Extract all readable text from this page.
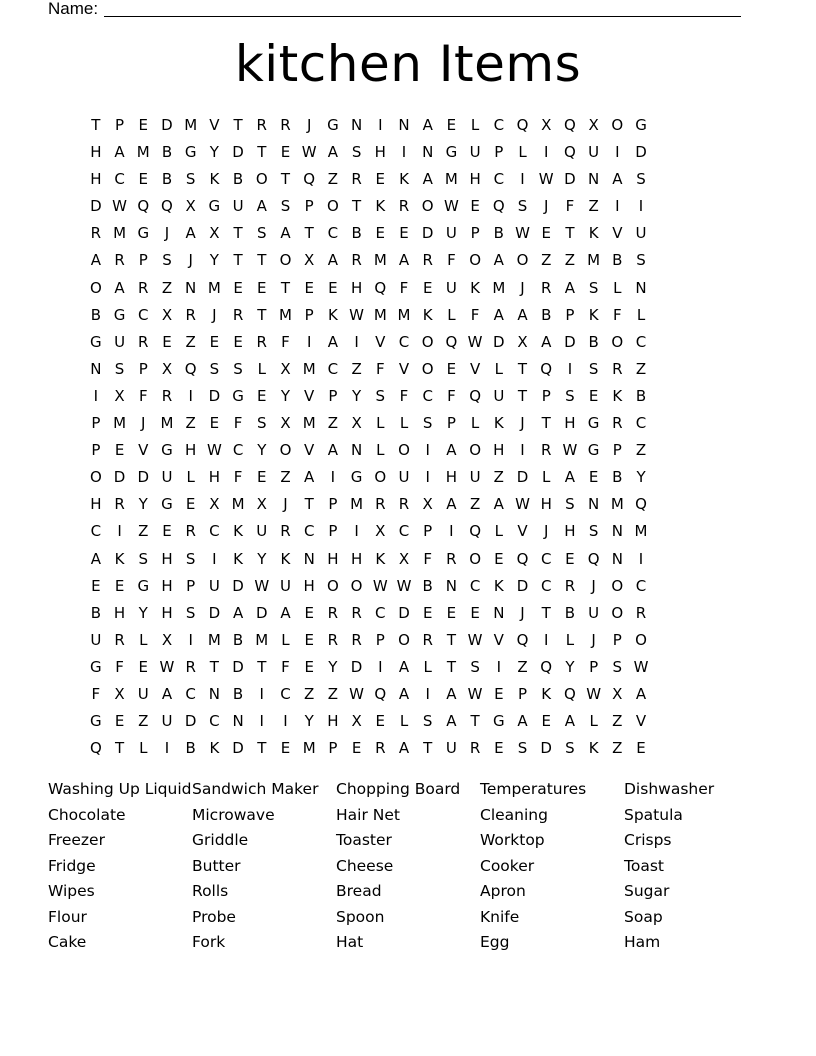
Name:
kitchen Items
T P E D M V T R R J G N I N A E L C Q X Q X O G
H A M B G Y D T E W A S H I N G U P L I Q U I D
H C E B S K B O T Q Z R E K A M H C I W D N A S
D W Q Q X G U A S P O T K R O W E Q S J F Z I I
R M G J A X T S A T C B E E D U P B W E T K V U
A R P S J Y T T O X A R M A R F O A O Z Z M B S
O A R Z N M E E T E E H Q F E U K M J R A S L N
B G C X R J R T M P K W M M K L F A A B P K F L
G U R E Z E E R F I A I V C O Q W D X A D B O C
N S P X Q S S L X M C Z F V O E V L T Q I S R Z
I X F R I D G E Y V P Y S F C F Q U T P S E K B
P M J M Z E F S X M Z X L L S P L K J T H G R C
P E V G H W C Y O V A N L O I A O H I R W G P Z
O D D U L H F E Z A I G O U I H U Z D L A E B Y
H R Y G E X M X J T P M R R X A Z A W H S N M Q
C I Z E R C K U R C P I X C P I Q L V J H S N M
A K S H S I K Y K N H H K X F R O E Q C E Q N I
E E G H P U D W U H O O W W B N C K D C R J O C
B H Y H S D A D A E R R C D E E E N J T B U O R
U R L X I M B M L E R R P O R T W V Q I L J P O
G F E W R T D T F E Y D I A L T S I Z Q Y P S W
F X U A C N B I C Z Z W Q A I A W E P K Q W X A
G E Z U D C N I I Y H X E L S A T G A E A L Z V
Q T L I B K D T E M P E R A T U R E S D S K Z E
Washing Up Liquid
Chocolate
Freezer
Fridge
Wipes
Flour
Cake
Sandwich Maker
Microwave
Griddle
Butter
Rolls
Probe
Fork
Chopping Board
Hair Net
Toaster
Cheese
Bread
Spoon
Hat
Temperatures
Cleaning
Worktop
Cooker
Apron
Knife
Egg
Dishwasher
Spatula
Crisps
Toast
Sugar
Soap
Ham
